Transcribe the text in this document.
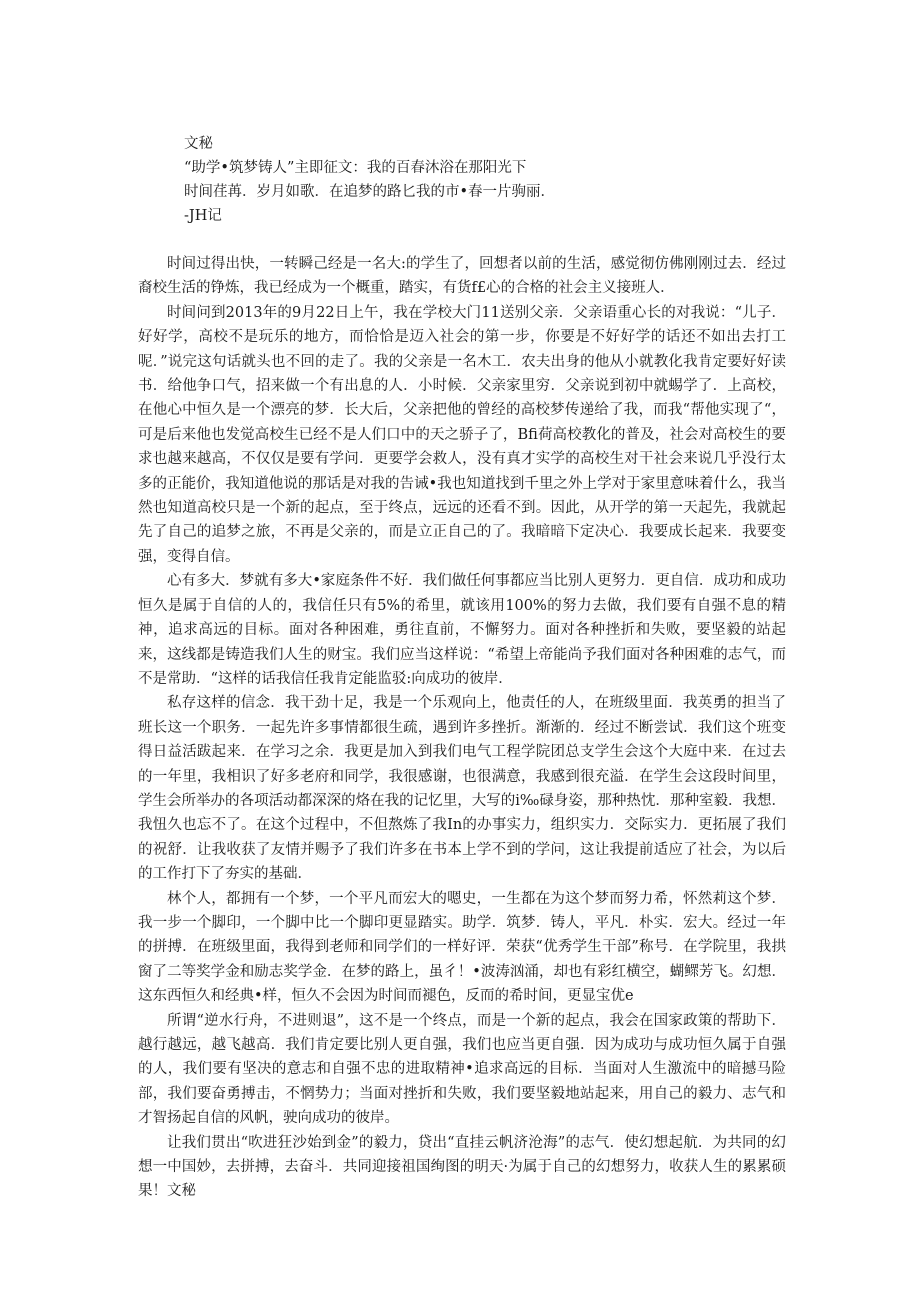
文秘

“助学•筑梦铸人”主即征文：我的百春沐浴在那阳光下

时间荏苒．岁月如歌．在追梦的路匕我的市•春一片驹丽．

-JH记

时间过得出快，一转瞬己经是一名大:的学生了，回想者以前的生活，感觉彻仿佛刚刚过去．经过裔校生活的铮炼，我已经成为一个概重，踏实，有货f£心的合格的社会主义接班人．

时间问到2013年的9月22日上午，我在学校大门11送别父亲．父亲语重心长的对我说：“儿子．好好学，高校不是玩乐的地方，而恰恰是迈入社会的第一步，你要是不好好学的话还不如出去打工呢．”说完这句话就头也不回的走了。我的父亲是一名木工．农夫出身的他从小就教化我肯定要好好读书．给他争口气，招来做一个有出息的人．小时候．父亲家里穷．父亲说到初中就蜴学了．上高校，在他心中恒久是一个漂亮的梦．长大后，父亲把他的曾经的高校梦传递给了我，而我“帮他实现了“，可是后来他也发觉高校生已经不是人们口中的天之骄子了，Bfi荷高校教化的普及，社会对高校生的要求也越来越高，不仅仅是要有学问．更要学会救人，没有真才实学的高校生对干社会来说几乎没行太多的正能价，我知道他说的那话是对我的告诫•我也知道找到千里之外上学对于家里意味着什么，我当然也知道高校只是一个新的起点，至于终点，远远的还看不到。因此，从开学的第一天起先，我就起先了自己的追梦之旅，不再是父亲的，而是立正自己的了。我暗暗下定决心．我要成长起来．我要变强，变得自信。

心有多大．梦就有多大•家庭条件不好．我们做任何事都应当比别人更努力．更自信．成功和成功恒久是属于自信的人的，我信任只有5%的希里，就该用100%的努力去做，我们要有自强不息的精神，追求高远的目标。面对各种困难，勇往直前，不懈努力。面对各种挫折和失败，要坚毅的站起来，这线都是铸造我们人生的财宝。我们应当这样说：“希望上帝能尚予我们面对各种困难的志气，而不是常助．“这样的话我信任我肯定能监驳:向成功的彼岸．

私存这样的信念．我干劲十足，我是一个乐观向上，他责任的人，在班级里面．我英勇的担当了班长这一个职务．一起先许多事情都很生疏，遇到许多挫折。渐渐的．经过不断尝试．我们这个班变得日益活跋起来．在学习之余．我更是加入到我们电气工程学院团总支学生会这个大庭中来．在过去的一年里，我相识了好多老府和同学，我很感谢，也很满意，我感到很充溢．在学生会这段时间里，学生会所举办的各项活动都深深的烙在我的记忆里，大写的i‰碌身姿，那种热忱．那种室毅．我想．我忸久也忘不了。在这个过程中，不但熬炼了我In的办事实力，组织实力．交际实力．更拓展了我们的祝舒．让我收获了友情并赐予了我们许多在书本上学不到的学问，这让我提前适应了社会，为以后的工作打下了夯实的基础．

林个人，都拥有一个梦，一个平凡而宏大的嗯史，一生都在为这个梦而努力希，怀然莉这个梦．我一步一个脚印，一个脚中比一个脚印更显踏实。助学．筑梦．铸人，平凡．朴实．宏大。经过一年的拼搏．在班级里面，我得到老师和同学们的一样好评．荣获“优秀学生干部”称号．在学院里，我拱窗了二等奖学金和励志奖学金．在梦的路上，虽彳！•波涛汹涌，却也有彩红横空，蝴鳏芳飞。幻想．这东西恒久和经典•样，恒久不会因为时间而褪色，反而的希时间，更显宝优e

所谓“逆水行舟，不进则退”，这不是一个终点，而是一个新的起点，我会在国家政策的帮助下．越行越远，越飞越高．我们肯定要比别人更自强，我们也应当更自强．因为成功与成功恒久属于自强的人，我们要有坚决的意志和自强不忠的进取精神•追求高远的目标．当面对人生激流中的暗撼马险部，我们要奋勇搏击，不惘势力；当面对挫折和失败，我们要坚毅地站起来，用自己的毅力、志气和才智扬起自信的风帆，驶向成功的彼岸。

让我们贯出“吹进狂沙始到金”的毅力，贷出“直挂云帆济沧海”的志气．使幻想起航．为共同的幻想一中国妙，去拼搏，去奋斗．共同迎接祖国绚图的明天·为属于自己的幻想努力，收获人生的累累硕果！文秘
